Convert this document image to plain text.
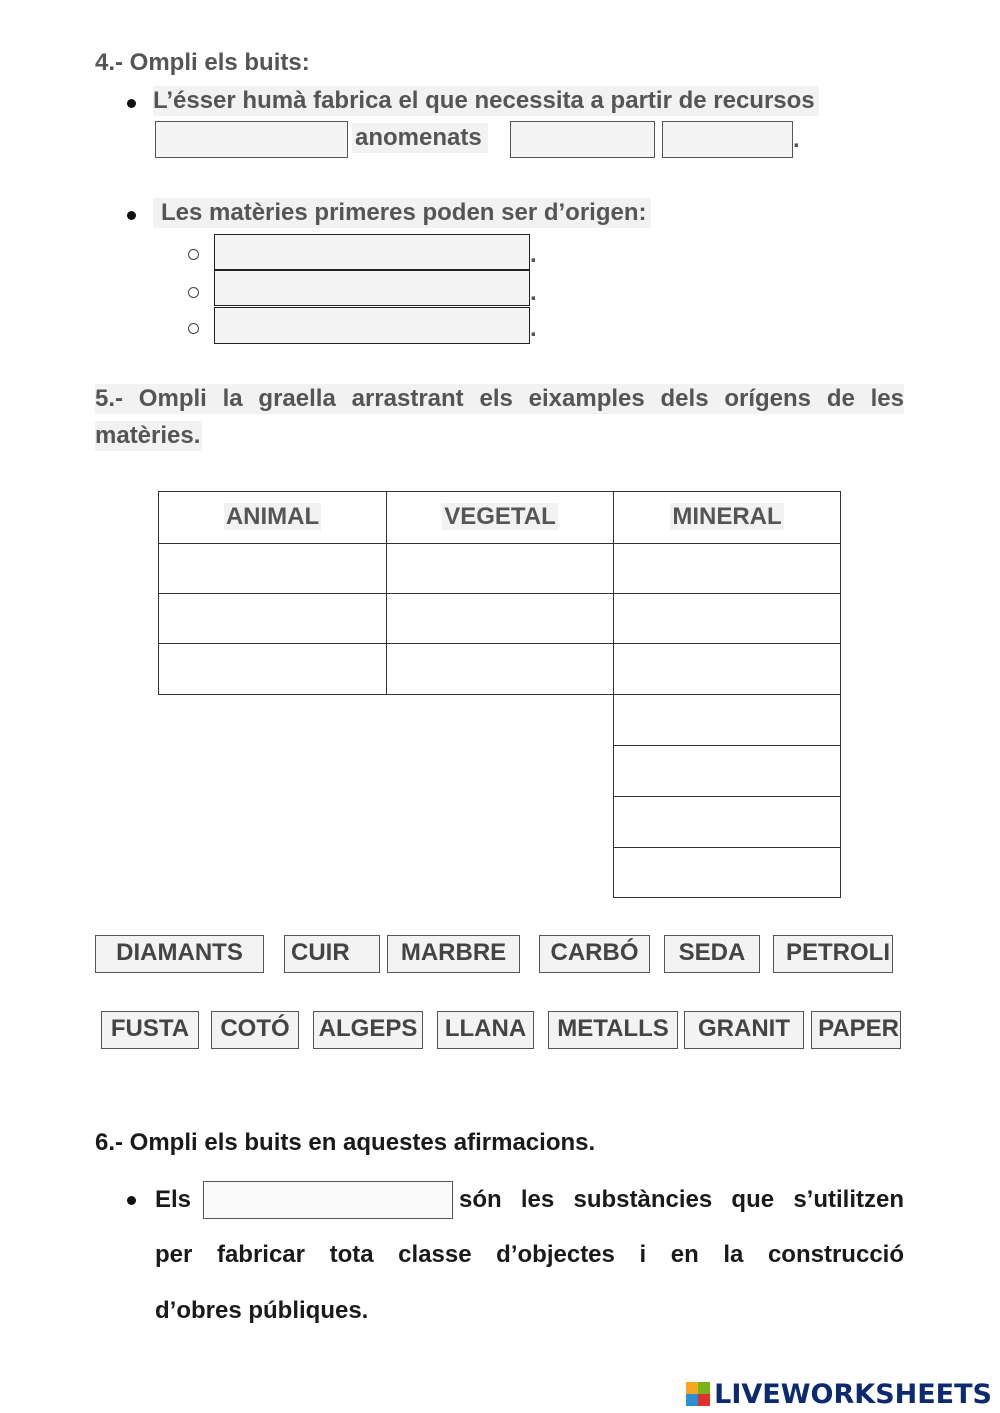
4.- Ompli els buits:
L’ésser humà fabrica el que necessita a partir de recursos
anomenats	.
Les matèries primeres poden ser d’origen:
.
.
.
5.- Ompli la graella arrastrant els eixamples dels orígens de les
matèries.
ANIMAL	VEGETAL	MINERAL
DIAMANTS	CUIR	MARBRE	CARBÓ	SEDA	PETROLI
FUSTA	COTÓ	ALGEPS	LLANA	METALLS	GRANIT	PAPER
6.- Ompli els buits en aquestes afirmacions.
Els	són les substàncies que s’utilitzen
per fabricar tota classe d’objectes i en la construcció
d’obres públiques.
LIVEWORKSHEETS
